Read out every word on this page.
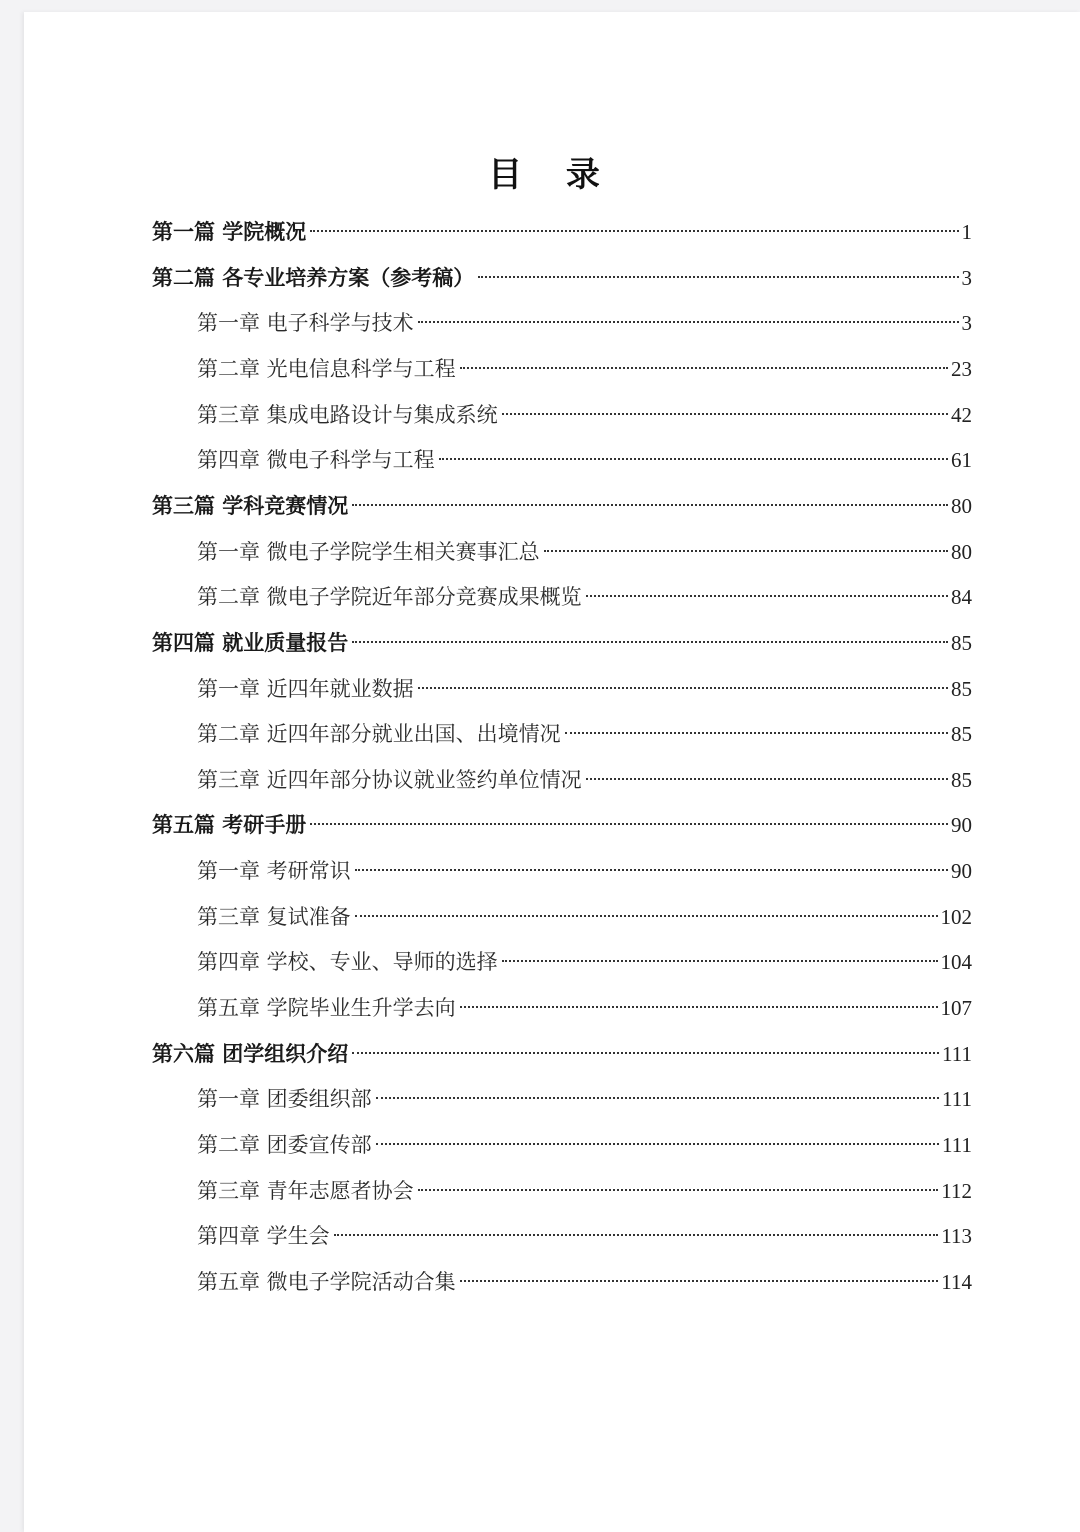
目 录
第一篇 学院概况	1
第二篇 各专业培养方案（参考稿）	3
第一章 电子科学与技术	3
第二章 光电信息科学与工程	23
第三章 集成电路设计与集成系统	42
第四章 微电子科学与工程	61
第三篇 学科竞赛情况	80
第一章 微电子学院学生相关赛事汇总	80
第二章 微电子学院近年部分竞赛成果概览	84
第四篇 就业质量报告	85
第一章 近四年就业数据	85
第二章 近四年部分就业出国、出境情况	85
第三章 近四年部分协议就业签约单位情况	85
第五篇 考研手册	90
第一章 考研常识	90
第三章 复试准备	102
第四章 学校、专业、导师的选择	104
第五章 学院毕业生升学去向	107
第六篇 团学组织介绍	111
第一章 团委组织部	111
第二章 团委宣传部	111
第三章 青年志愿者协会	112
第四章 学生会	113
第五章 微电子学院活动合集	114
